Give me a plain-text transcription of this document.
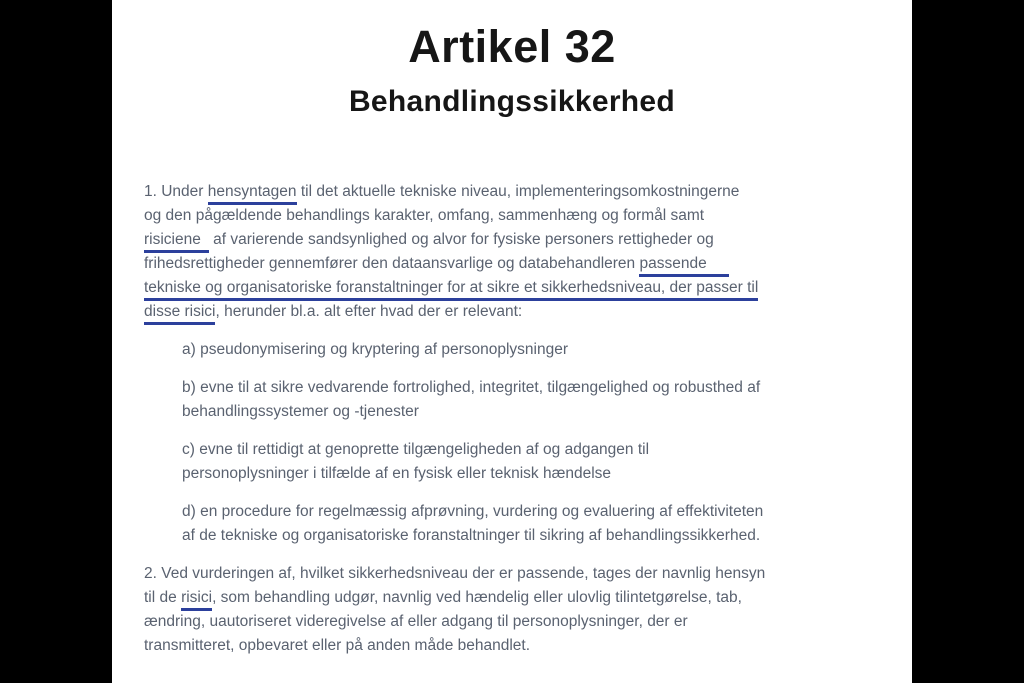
Artikel 32
Behandlingssikkerhed
1. Under hensyntagen til det aktuelle tekniske niveau, implementeringsomkostningerne
og den pågældende behandlings karakter, omfang, sammenhæng og formål samt
risiciene af varierende sandsynlighed og alvor for fysiske personers rettigheder og
frihedsrettigheder gennemfører den dataansvarlige og databehandleren passende
tekniske og organisatoriske foranstaltninger for at sikre et sikkerhedsniveau, der passer til
disse risici, herunder bl.a. alt efter hvad der er relevant:
a) pseudonymisering og kryptering af personoplysninger
b) evne til at sikre vedvarende fortrolighed, integritet, tilgængelighed og robusthed af
behandlingssystemer og -tjenester
c) evne til rettidigt at genoprette tilgængeligheden af og adgangen til
personoplysninger i tilfælde af en fysisk eller teknisk hændelse
d) en procedure for regelmæssig afprøvning, vurdering og evaluering af effektiviteten
af de tekniske og organisatoriske foranstaltninger til sikring af behandlingssikkerhed.
2. Ved vurderingen af, hvilket sikkerhedsniveau der er passende, tages der navnlig hensyn
til de risici, som behandling udgør, navnlig ved hændelig eller ulovlig tilintetgørelse, tab,
ændring, uautoriseret videregivelse af eller adgang til personoplysninger, der er
transmitteret, opbevaret eller på anden måde behandlet.
